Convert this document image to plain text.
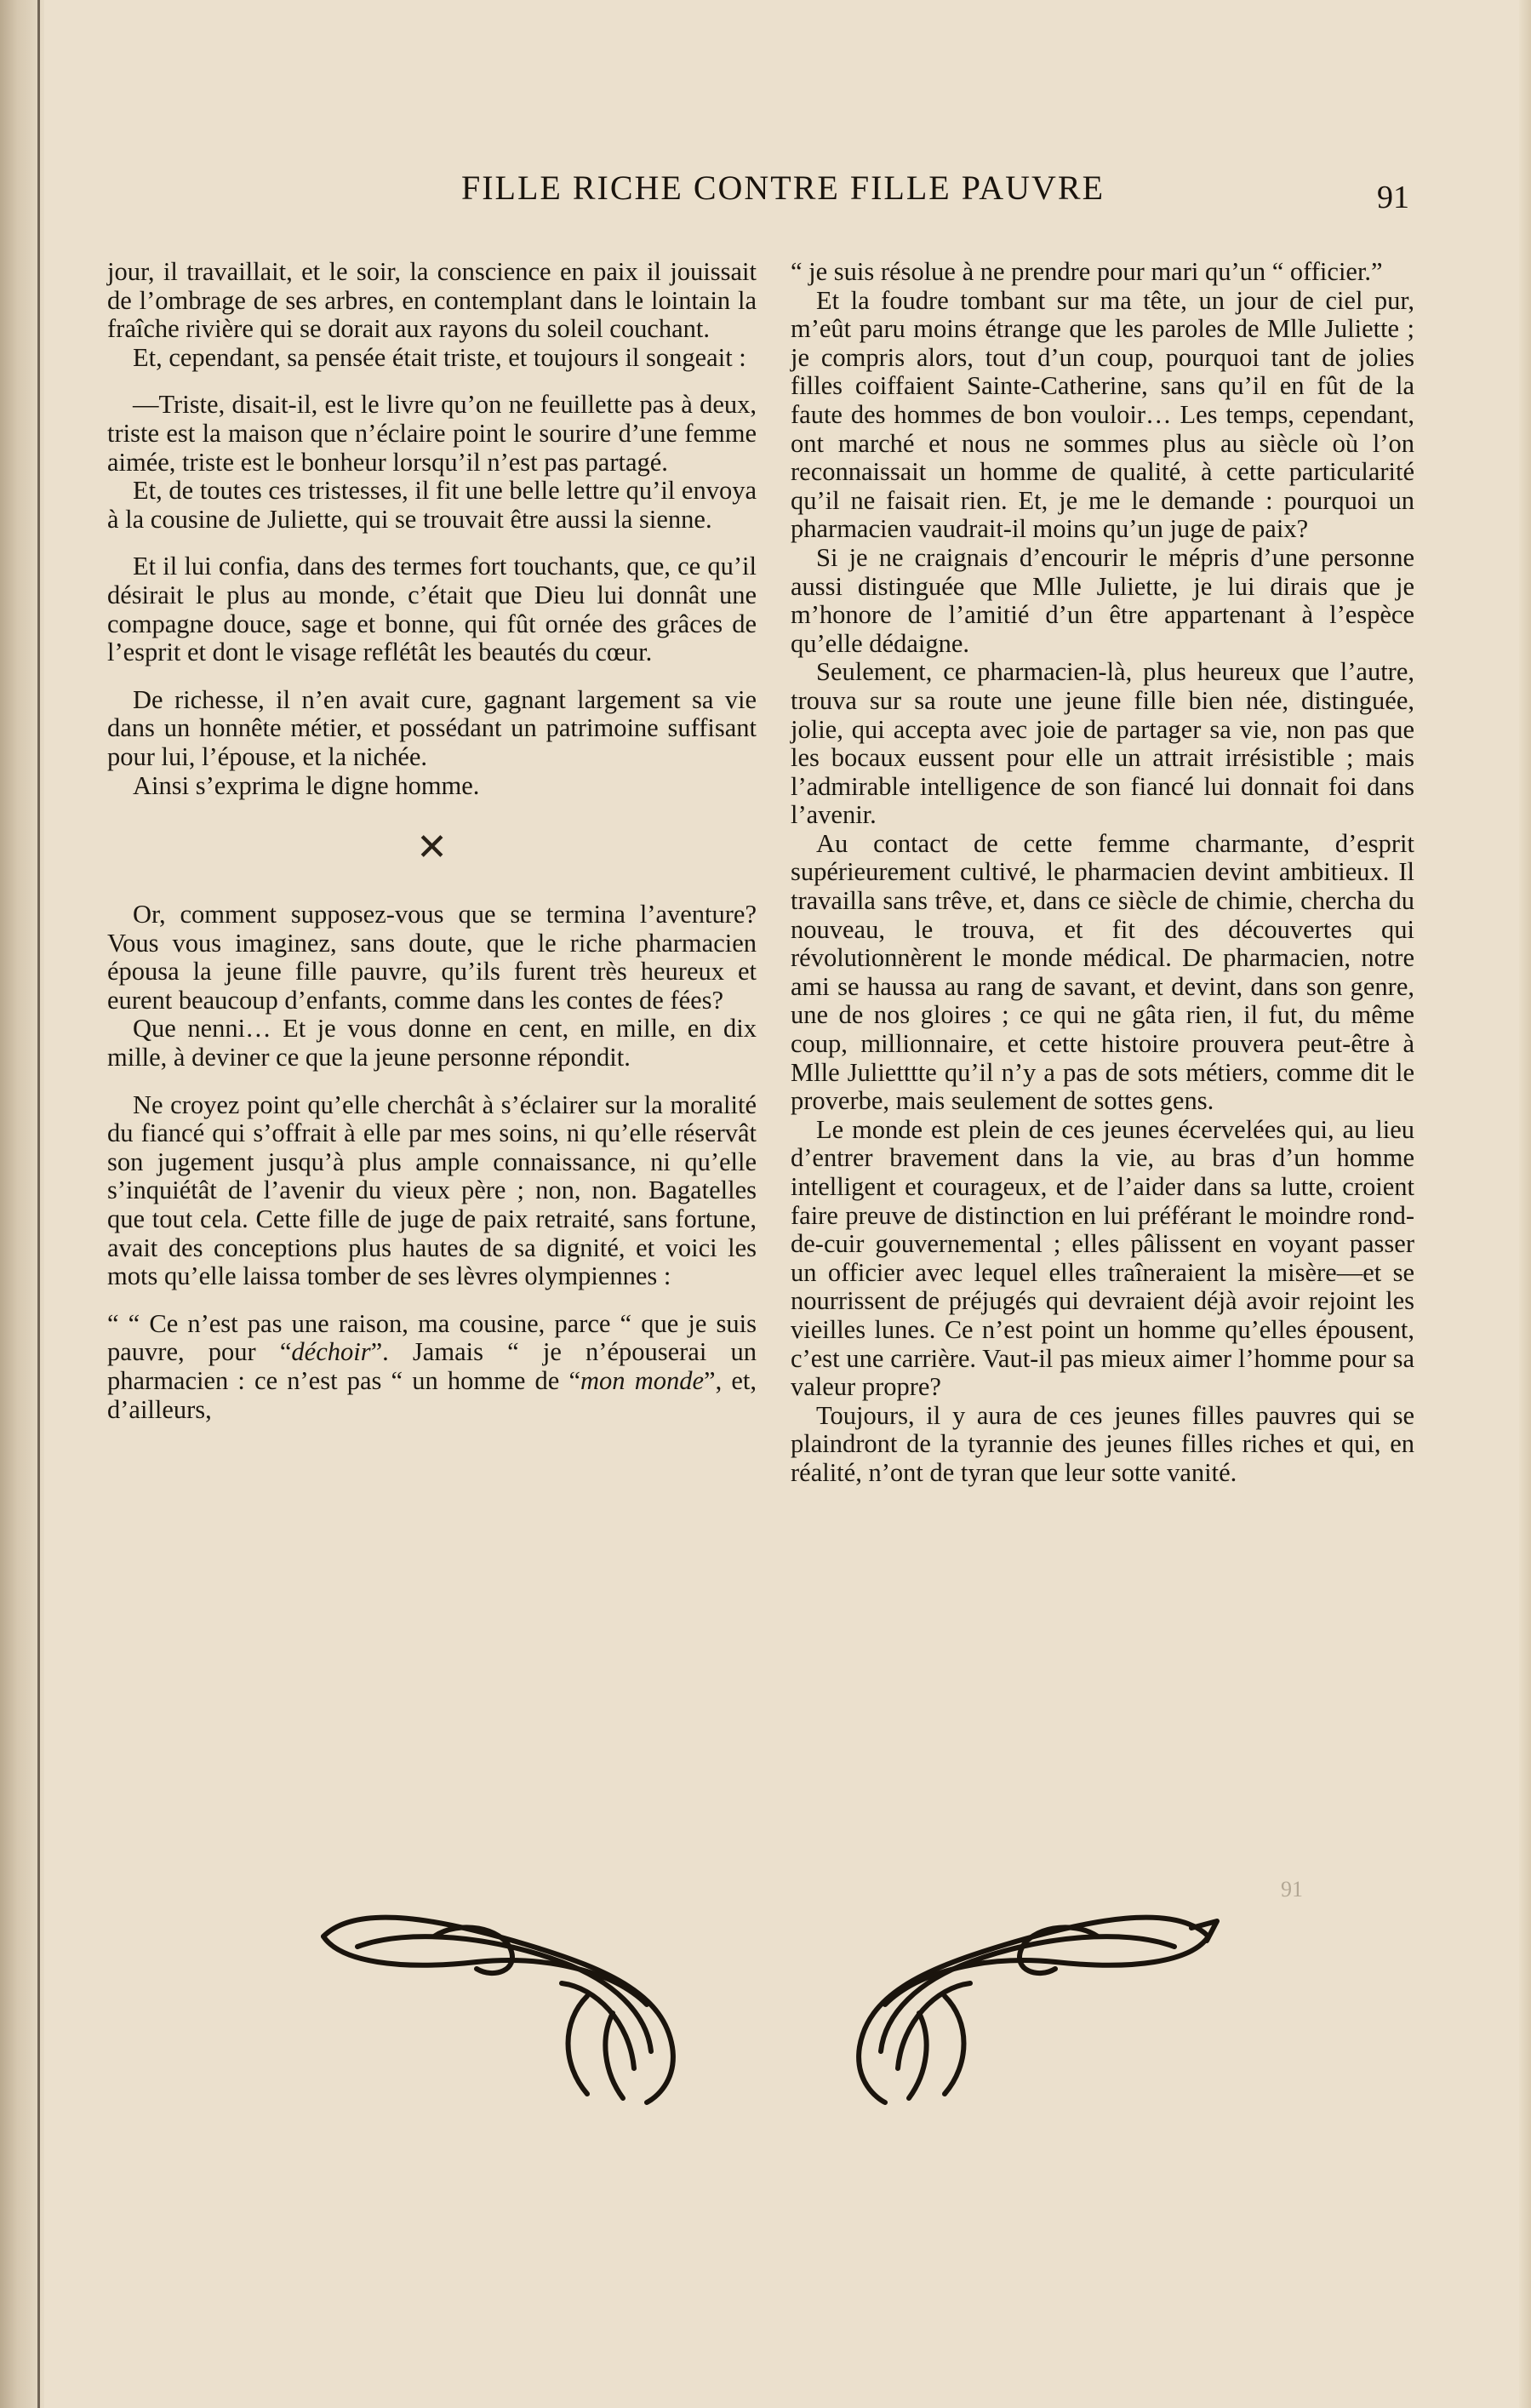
FILLE RICHE CONTRE FILLE PAUVRE	91

jour, il travaillait, et le soir, la conscience en paix il jouissait de l’ombrage de ses arbres, en contemplant dans le lointain la fraîche rivière qui se dorait aux rayons du soleil couchant.

Et, cependant, sa pensée était triste, et toujours il songeait :

—Triste, disait-il, est le livre qu’on ne feuillette pas à deux, triste est la maison que n’éclaire point le sourire d’une femme aimée, triste est le bonheur lorsqu’il n’est pas partagé.

Et, de toutes ces tristesses, il fit une belle lettre qu’il envoya à la cousine de Juliette, qui se trouvait être aussi la sienne.

Et il lui confia, dans des termes fort touchants, que, ce qu’il désirait le plus au monde, c’était que Dieu lui donnât une compagne douce, sage et bonne, qui fût ornée des grâces de l’esprit et dont le visage reflétât les beautés du cœur.

De richesse, il n’en avait cure, gagnant largement sa vie dans un honnête métier, et possédant un patrimoine suffisant pour lui, l’épouse, et la nichée.

Ainsi s’exprima le digne homme.

✕

Or, comment supposez-vous que se termina l’aventure? Vous vous imaginez, sans doute, que le riche pharmacien épousa la jeune fille pauvre, qu’ils furent très heureux et eurent beaucoup d’enfants, comme dans les contes de fées?

Que nenni… Et je vous donne en cent, en mille, en dix mille, à deviner ce que la jeune personne répondit.

Ne croyez point qu’elle cherchât à s’éclairer sur la moralité du fiancé qui s’offrait à elle par mes soins, ni qu’elle réservât son jugement jusqu’à plus ample connaissance, ni qu’elle s’inquiétât de l’avenir du vieux père ; non, non. Bagatelles que tout cela. Cette fille de juge de paix retraité, sans fortune, avait des conceptions plus hautes de sa dignité, et voici les mots qu’elle laissa tomber de ses lèvres olympiennes :

“ “ Ce n’est pas une raison, ma cousine, parce “ que je suis pauvre, pour “déchoir”. Jamais “ je n’épouserai un pharmacien : ce n’est pas “ un homme de “mon monde”, et, d’ailleurs,

“ je suis résolue à ne prendre pour mari qu’un “ officier.”

Et la foudre tombant sur ma tête, un jour de ciel pur, m’eût paru moins étrange que les paroles de Mlle Juliette ; je compris alors, tout d’un coup, pourquoi tant de jolies filles coiffaient Sainte-Catherine, sans qu’il en fût de la faute des hommes de bon vouloir… Les temps, cependant, ont marché et nous ne sommes plus au siècle où l’on reconnaissait un homme de qualité, à cette particularité qu’il ne faisait rien. Et, je me le demande : pourquoi un pharmacien vaudrait-il moins qu’un juge de paix?

Si je ne craignais d’encourir le mépris d’une personne aussi distinguée que Mlle Juliette, je lui dirais que je m’honore de l’amitié d’un être appartenant à l’espèce qu’elle dédaigne.

Seulement, ce pharmacien-là, plus heureux que l’autre, trouva sur sa route une jeune fille bien née, distinguée, jolie, qui accepta avec joie de partager sa vie, non pas que les bocaux eussent pour elle un attrait irrésistible ; mais l’admirable intelligence de son fiancé lui donnait foi dans l’avenir.

Au contact de cette femme charmante, d’esprit supérieurement cultivé, le pharmacien devint ambitieux. Il travailla sans trêve, et, dans ce siècle de chimie, chercha du nouveau, le trouva, et fit des découvertes qui révolutionnèrent le monde médical. De pharmacien, notre ami se haussa au rang de savant, et devint, dans son genre, une de nos gloires ; ce qui ne gâta rien, il fut, du même coup, millionnaire, et cette histoire prouvera peut-être à Mlle Julietttte qu’il n’y a pas de sots métiers, comme dit le proverbe, mais seulement de sottes gens.

Le monde est plein de ces jeunes écervelées qui, au lieu d’entrer bravement dans la vie, au bras d’un homme intelligent et courageux, et de l’aider dans sa lutte, croient faire preuve de distinction en lui préférant le moindre rond-de-cuir gouvernemental ; elles pâlissent en voyant passer un officier avec lequel elles traîneraient la misère—et se nourrissent de préjugés qui devraient déjà avoir rejoint les vieilles lunes. Ce n’est point un homme qu’elles épousent, c’est une carrière. Vaut-il pas mieux aimer l’homme pour sa valeur propre?

Toujours, il y aura de ces jeunes filles pauvres qui se plaindront de la tyrannie des jeunes filles riches et qui, en réalité, n’ont de tyran que leur sotte vanité.

91
